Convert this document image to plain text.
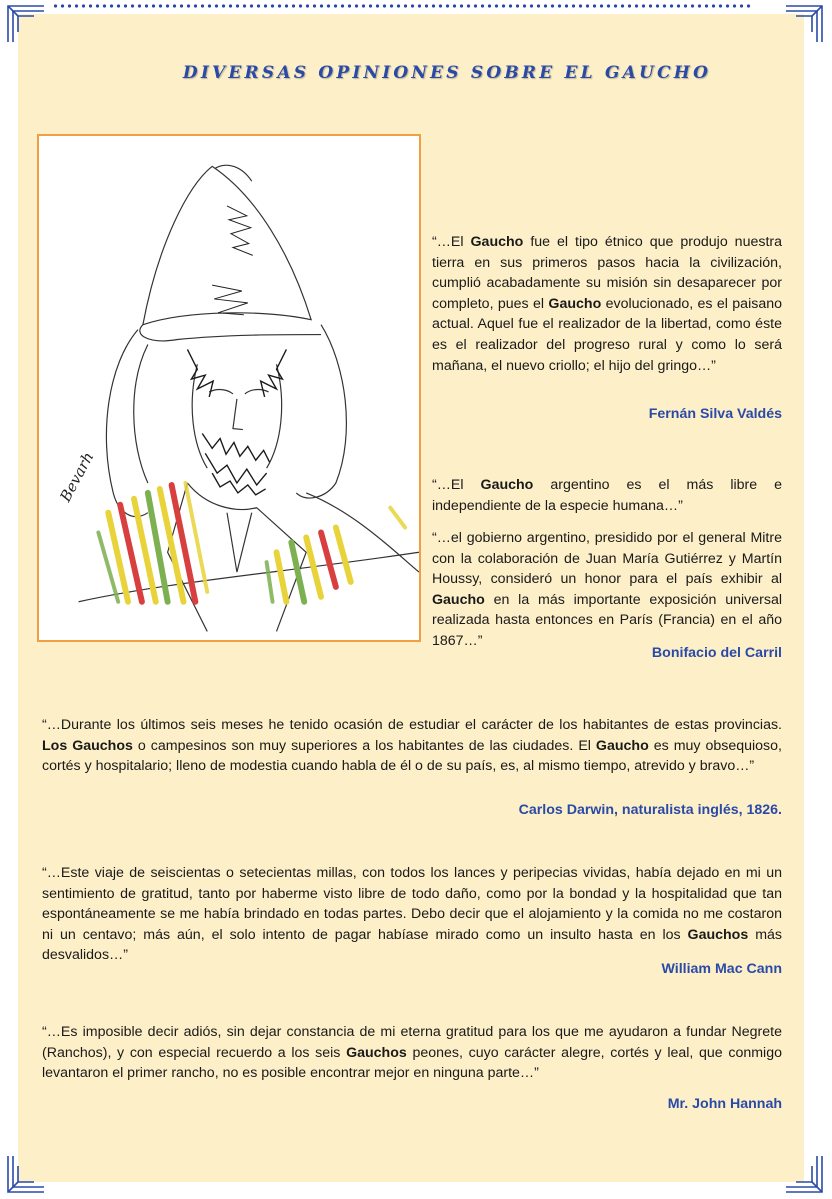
DIVERSAS OPINIONES SOBRE EL GAUCHO
Bevarh

“…El Gaucho fue el tipo étnico que produjo nuestra tierra en sus primeros pasos hacia la civilización, cumplió acabadamente su misión sin desaparecer por completo, pues el Gaucho evolucionado, es el paisano actual. Aquel fue el realizador de la libertad, como éste es el realizador del progreso rural y como lo será mañana, el nuevo criollo; el hijo del gringo…”

Fernán Silva Valdés

“…El Gaucho argentino es el más libre e independiente de la especie humana…”

“…el gobierno argentino, presidido por el general Mitre con la colaboración de Juan María Gutiérrez y Martín Houssy, consideró un honor para el país exhibir al Gaucho en la más importante exposición universal realizada hasta entonces en París (Francia) en el año 1867…”

Bonifacio del Carril

“…Durante los últimos seis meses he tenido ocasión de estudiar el carácter de los habitantes de estas provincias. Los Gauchos o campesinos son muy superiores a los habitantes de las ciudades. El Gaucho es muy obsequioso, cortés y hospitalario; lleno de modestia cuando habla de él o de su país, es, al mismo tiempo, atrevido y bravo…”

Carlos Darwin, naturalista inglés, 1826.

“…Este viaje de seiscientas o setecientas millas, con todos los lances y peripecias vividas, había dejado en mi un sentimiento de gratitud, tanto por haberme visto libre de todo daño, como por la bondad y la hospitalidad que tan espontáneamente se me había brindado en todas partes. Debo decir que el alojamiento y la comida no me costaron ni un centavo; más aún, el solo intento de pagar habíase mirado como un insulto hasta en los Gauchos más desvalidos…”

William Mac Cann

“…Es imposible decir adiós, sin dejar constancia de mi eterna gratitud para los que me ayudaron a fundar Negrete (Ranchos), y con especial recuerdo a los seis Gauchos peones, cuyo carácter alegre, cortés y leal, que conmigo levantaron el primer rancho, no es posible encontrar mejor en ninguna parte…”

Mr. John Hannah
